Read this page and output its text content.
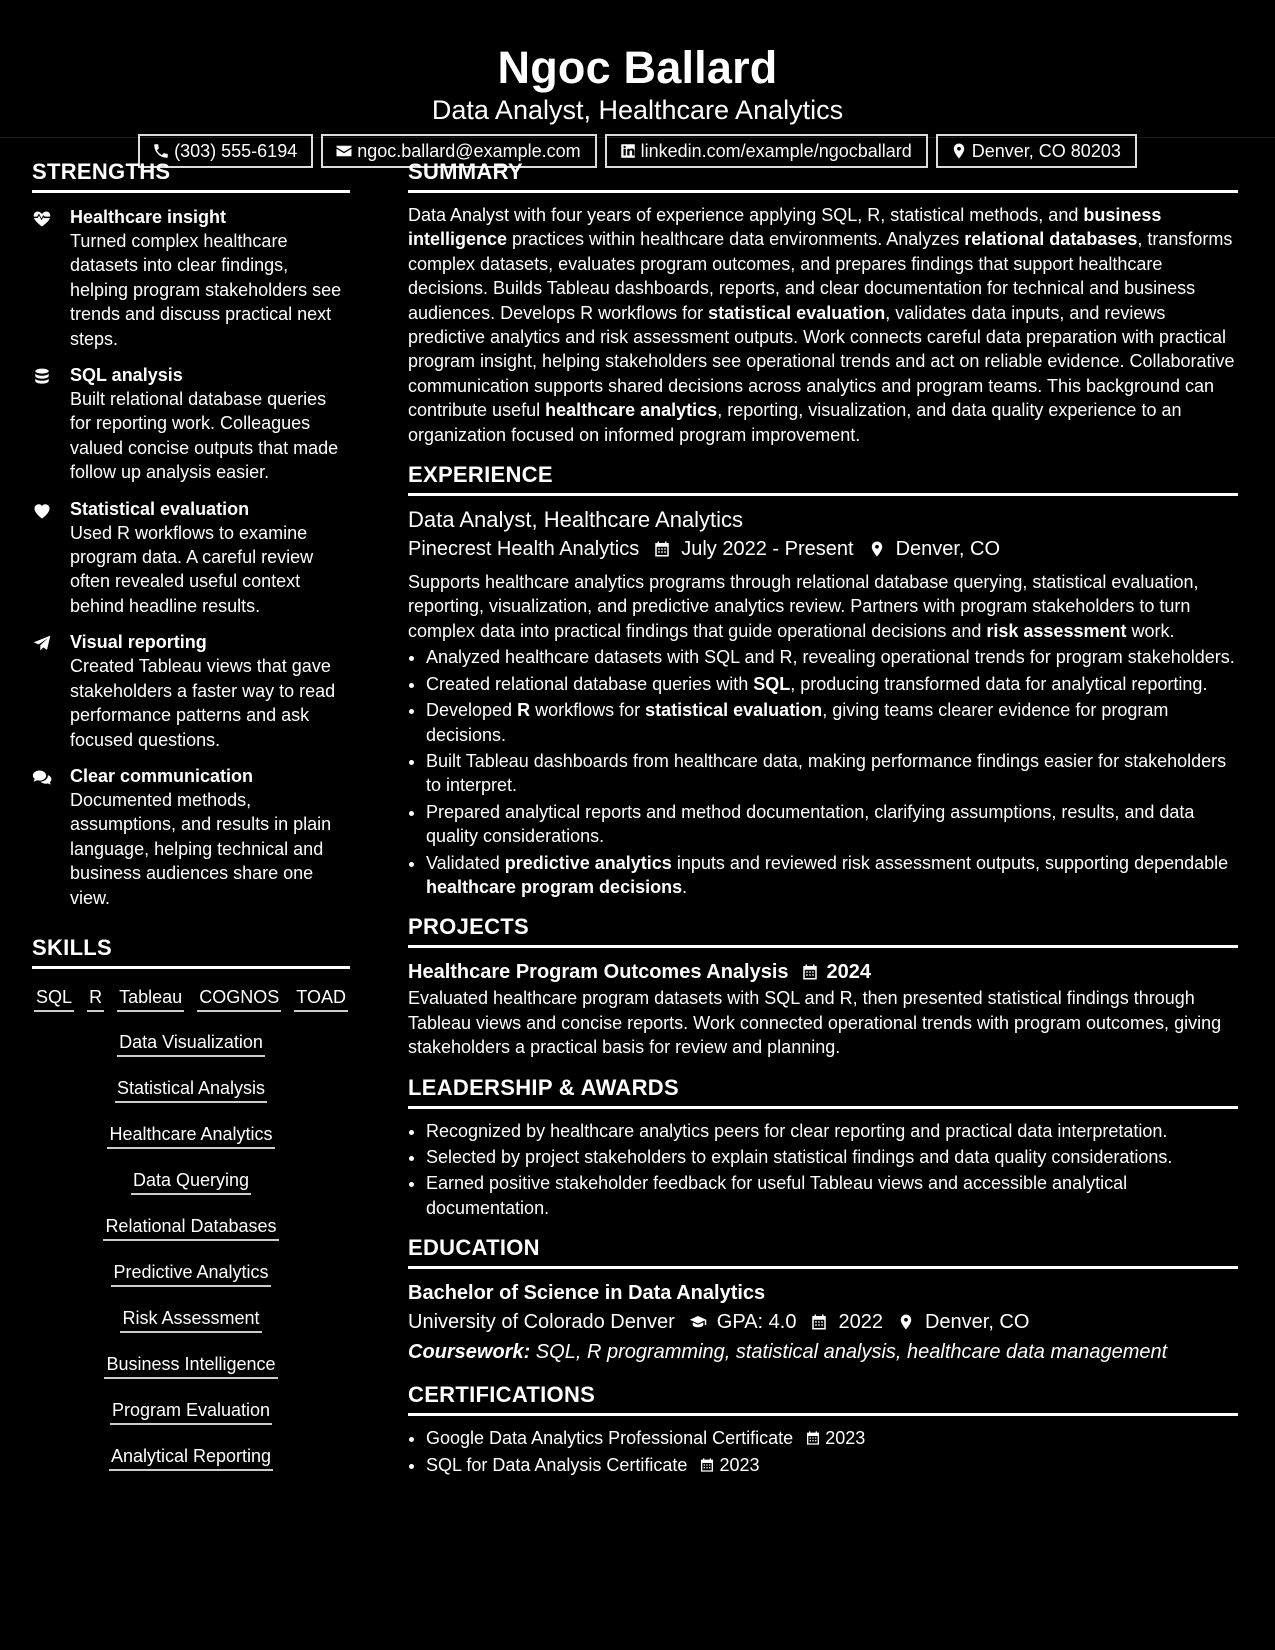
Ngoc Ballard
Data Analyst, Healthcare Analytics
(303) 555-6194	ngoc.ballard@example.com	linkedin.com/example/ngocballard	Denver, CO 80203
STRENGTHS
Healthcare insight
Turned complex healthcare datasets into clear findings, helping program stakeholders see trends and discuss practical next steps.
SQL analysis
Built relational database queries for reporting work. Colleagues valued concise outputs that made follow up analysis easier.
Statistical evaluation
Used R workflows to examine program data. A careful review often revealed useful context behind headline results.
Visual reporting
Created Tableau views that gave stakeholders a faster way to read performance patterns and ask focused questions.
Clear communication
Documented methods, assumptions, and results in plain language, helping technical and business audiences share one view.
SKILLS
SQL R Tableau COGNOS TOAD
Data Visualization
Statistical Analysis
Healthcare Analytics
Data Querying
Relational Databases
Predictive Analytics
Risk Assessment
Business Intelligence
Program Evaluation
Analytical Reporting
SUMMARY

Data Analyst with four years of experience applying SQL, R, statistical methods, and business intelligence practices within healthcare data environments. Analyzes relational databases, transforms complex datasets, evaluates program outcomes, and prepares findings that support healthcare decisions. Builds Tableau dashboards, reports, and clear documentation for technical and business audiences. Develops R workflows for statistical evaluation, validates data inputs, and reviews predictive analytics and risk assessment outputs. Work connects careful data preparation with practical program insight, helping stakeholders see operational trends and act on reliable evidence. Collaborative communication supports shared decisions across analytics and program teams. This background can contribute useful healthcare analytics, reporting, visualization, and data quality experience to an organization focused on informed program improvement.

EXPERIENCE
Data Analyst, Healthcare Analytics
Pinecrest Health Analytics July 2022 - Present Denver, CO

Supports healthcare analytics programs through relational database querying, statistical evaluation, reporting, visualization, and predictive analytics review. Partners with program stakeholders to turn complex data into practical findings that guide operational decisions and risk assessment work.

• Analyzed healthcare datasets with SQL and R, revealing operational trends for program stakeholders.
• Created relational database queries with SQL, producing transformed data for analytical reporting.
• Developed R workflows for statistical evaluation, giving teams clearer evidence for program decisions.
• Built Tableau dashboards from healthcare data, making performance findings easier for stakeholders to interpret.
• Prepared analytical reports and method documentation, clarifying assumptions, results, and data quality considerations.
• Validated predictive analytics inputs and reviewed risk assessment outputs, supporting dependable healthcare program decisions.
PROJECTS
Healthcare Program Outcomes Analysis 2024

Evaluated healthcare program datasets with SQL and R, then presented statistical findings through Tableau views and concise reports. Work connected operational trends with program outcomes, giving stakeholders a practical basis for review and planning.

LEADERSHIP & AWARDS
• Recognized by healthcare analytics peers for clear reporting and practical data interpretation.
• Selected by project stakeholders to explain statistical findings and data quality considerations.
• Earned positive stakeholder feedback for useful Tableau views and accessible analytical documentation.
EDUCATION
Bachelor of Science in Data Analytics
University of Colorado Denver GPA: 4.0 2022 Denver, CO
Coursework: SQL, R programming, statistical analysis, healthcare data management
CERTIFICATIONS
• Google Data Analytics Professional Certificate 2023
• SQL for Data Analysis Certificate 2023
